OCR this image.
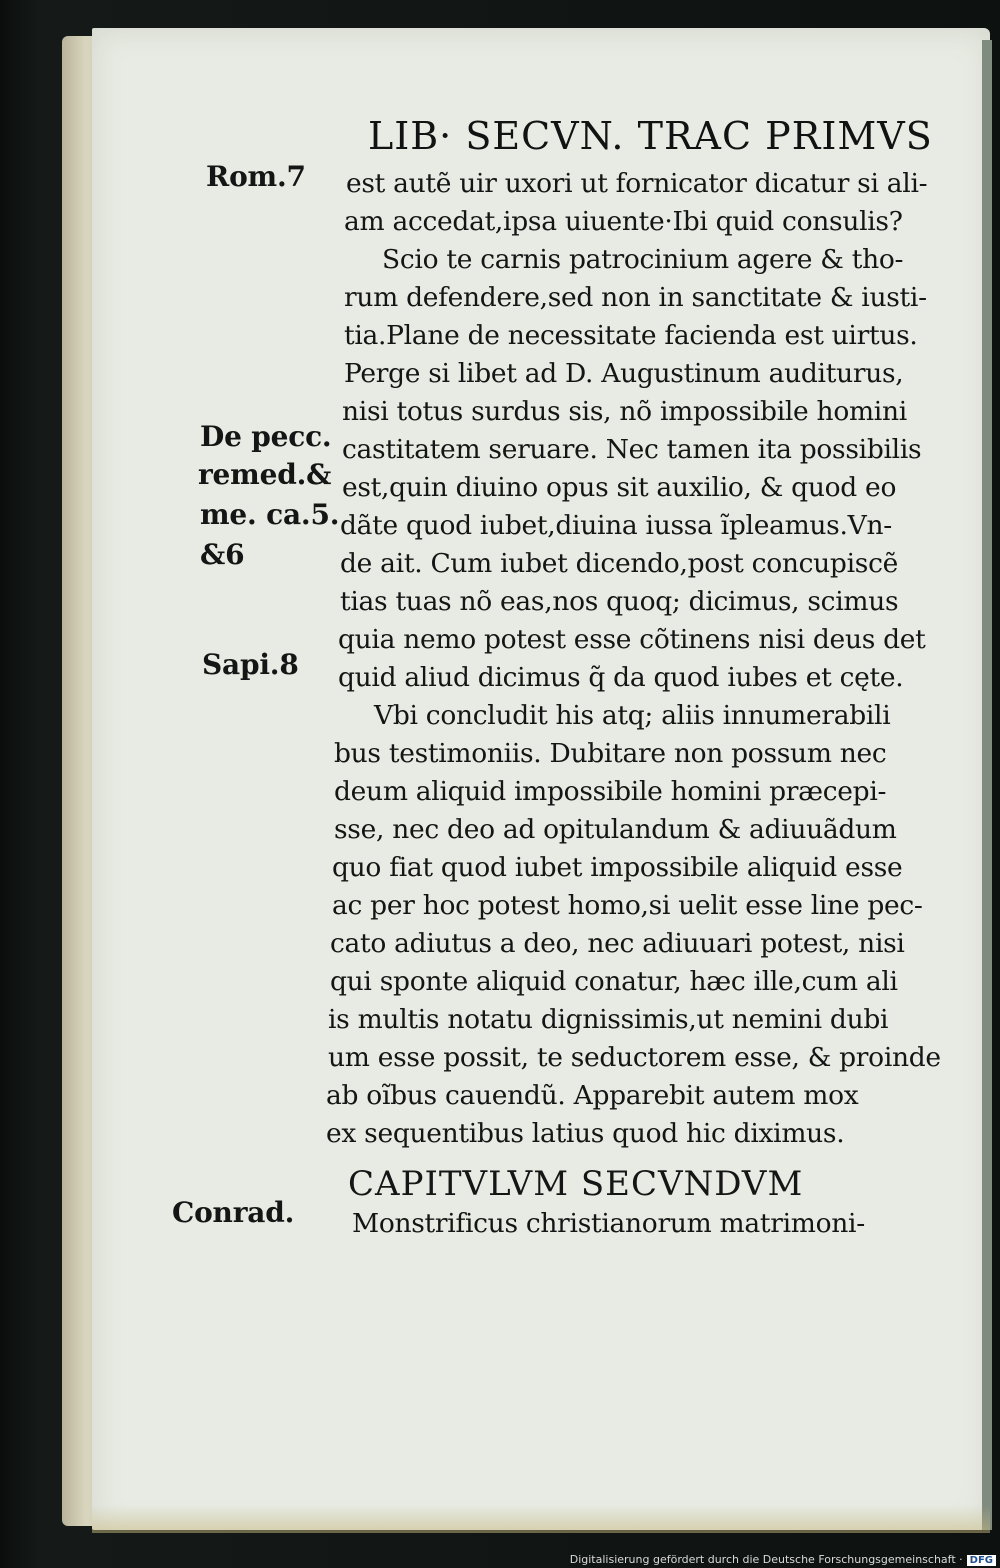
LIB· SECVN. TRAC PRIMVS
Rom.7
De pecc.
remed.&
me. ca.5.
&6
Sapi.8
Conrad.
est autẽ uir uxori ut fornicator dicatur si ali-
am accedat,ipsa uiuente·Ibi quid consulis?
Scio te carnis patrocinium agere & tho-
rum defendere,sed non in sanctitate & iusti-
tia.Plane de necessitate facienda est uirtus.
Perge si libet ad D. Augustinum auditurus,
nisi totus surdus sis, nõ impossibile homini
castitatem seruare. Nec tamen ita possibilis
est,quin diuino opus sit auxilio, & quod eo
dãte quod iubet,diuina iussa ĩpleamus.Vn-
de ait. Cum iubet dicendo,post concupiscẽ
tias tuas nõ eas,nos quoq; dicimus, scimus
quia nemo potest esse cõtinens nisi deus det
quid aliud dicimus q̃ da quod iubes et cęte.
Vbi concludit his atq; aliis innumerabili
bus testimoniis. Dubitare non possum nec
deum aliquid impossibile homini præcepi-
sse, nec deo ad opitulandum & adiuuãdum
quo fiat quod iubet impossibile aliquid esse
ac per hoc potest homo,si uelit esse line pec-
cato adiutus a deo, nec adiuuari potest, nisi
qui sponte aliquid conatur, hæc ille,cum ali
is multis notatu dignissimis,ut nemini dubi
um esse possit, te seductorem esse, & proinde
ab oĩbus cauendũ. Apparebit autem mox
ex sequentibus latius quod hic diximus.
CAPITVLVM SECVNDVM
Monstrificus christianorum matrimoni-
Digitalisierung gefördert durch die Deutsche Forschungsgemeinschaft · DFG
